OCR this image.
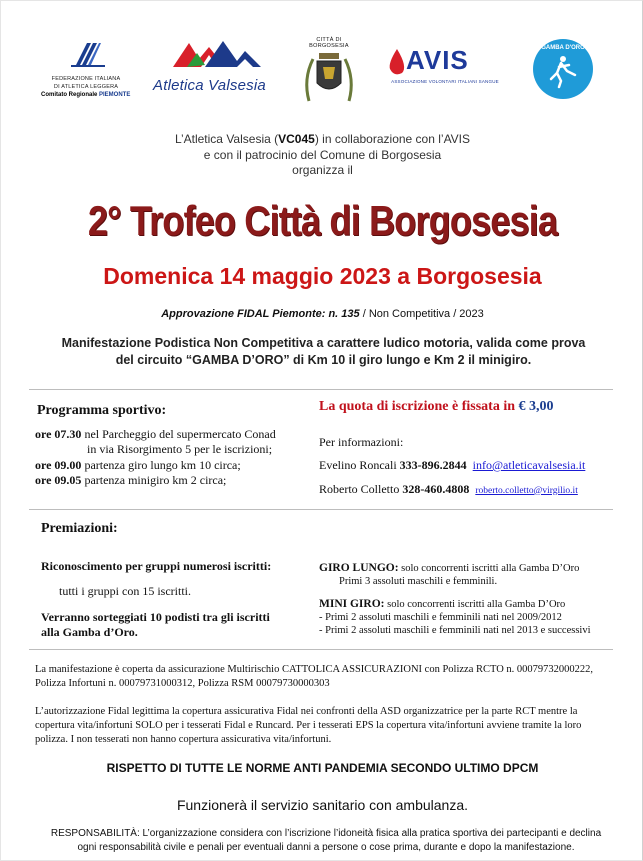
FEDERAZIONE ITALIANA
DI ATLETICA LEGGERA
Comitato Regionale PIEMONTE
Atletica Valsesia
CITTÀ DI BORGOSESIA	AVIS
ASSOCIAZIONE VOLONTARI ITALIANI SANGUE
GAMBA D'ORO
L’Atletica Valsesia (VC045) in collaborazione con l’AVIS
e con il patrocinio del Comune di Borgosesia
organizza il
2° Trofeo Città di Borgosesia
Domenica 14 maggio 2023 a Borgosesia
Approvazione FIDAL Piemonte: n. 135 / Non Competitiva / 2023
Manifestazione Podistica Non Competitiva a carattere ludico motoria, valida come prova
del circuito “GAMBA D’ORO” di Km 10 il giro lungo e Km 2 il minigiro.
Programma sportivo:
ore 07.30 nel Parcheggio del supermercato Conad
in via Risorgimento 5 per le iscrizioni;
ore 09.00 partenza giro lungo km 10 circa;
ore 09.05 partenza minigiro km 2 circa;
La quota di iscrizione è fissata in € 3,00
Per informazioni:
Evelino Roncali 333-896.2844 info@atleticavalsesia.it
Roberto Colletto 328-460.4808 roberto.colletto@virgilio.it
Premiazioni:
Riconoscimento per gruppi numerosi iscritti:
tutti i gruppi con 15 iscritti.
Verranno sorteggiati 10 podisti tra gli iscritti
alla Gamba d’Oro.
GIRO LUNGO: solo concorrenti iscritti alla Gamba D’Oro
Primi 3 assoluti maschili e femminili.
MINI GIRO: solo concorrenti iscritti alla Gamba D’Oro
- Primi 2 assoluti maschili e femminili nati nel 2009/2012
- Primi 2 assoluti maschili e femminili nati nel 2013 e successivi
La manifestazione è coperta da assicurazione Multirischio CATTOLICA ASSICURAZIONI con Polizza RCTO n. 00079732000222, Polizza Infortuni n. 00079731000312, Polizza RSM 00079730000303
L’autorizzazione Fidal legittima la copertura assicurativa Fidal nei confronti della ASD organizzatrice per la parte RCT mentre la copertura vita/infortuni SOLO per i tesserati Fidal e Runcard. Per i tesserati EPS la copertura vita/infortuni avviene tramite la loro polizza. I non tesserati non hanno copertura assicurativa vita/infortuni.
RISPETTO DI TUTTE LE NORME ANTI PANDEMIA SECONDO ULTIMO DPCM
Funzionerà il servizio sanitario con ambulanza.
RESPONSABILITÀ: L’organizzazione considera con l’iscrizione l’idoneità fisica alla pratica sportiva dei partecipanti e declina ogni responsabilità civile e penali per eventuali danni a persone o cose prima, durante e dopo la manifestazione.
